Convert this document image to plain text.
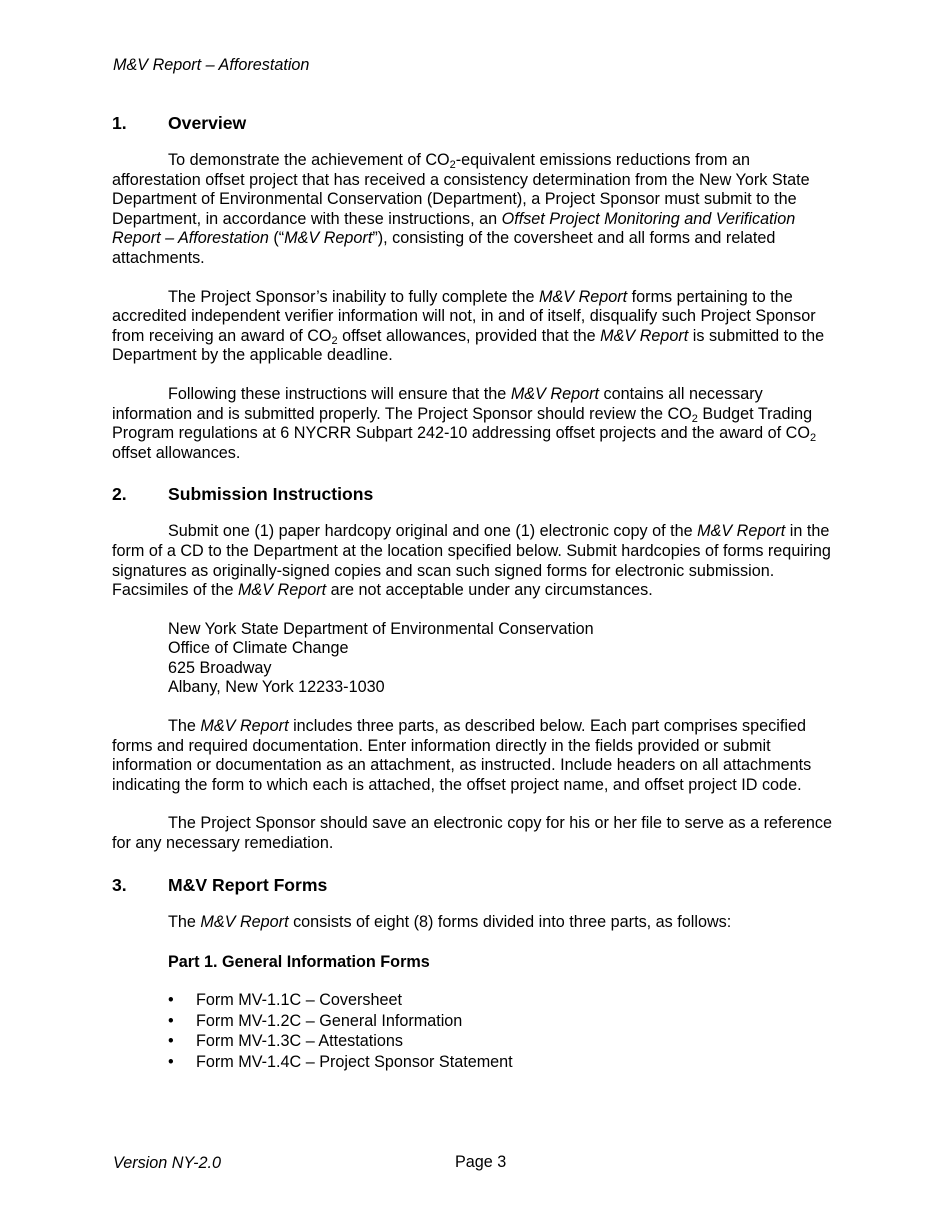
M&V Report – Afforestation
1. Overview

To demonstrate the achievement of $CO_2$-equivalent emissions reductions from an afforestation offset project that has received a consistency determination from the New York State Department of Environmental Conservation (Department), a Project Sponsor must submit to the Department, in accordance with these instructions, an Offset Project Monitoring and Verification Report – Afforestation (“M&V Report”), consisting of the coversheet and all forms and related attachments.

The Project Sponsor’s inability to fully complete the M&V Report forms pertaining to the accredited independent verifier information will not, in and of itself, disqualify such Project Sponsor from receiving an award of $CO_2$ offset allowances, provided that the M&V Report is submitted to the Department by the applicable deadline.

Following these instructions will ensure that the M&V Report contains all necessary information and is submitted properly. The Project Sponsor should review the $CO_2$ Budget Trading Program regulations at 6 NYCRR Subpart 242-10 addressing offset projects and the award of $CO_2$ offset allowances.

2. Submission Instructions

Submit one (1) paper hardcopy original and one (1) electronic copy of the M&V Report in the form of a CD to the Department at the location specified below. Submit hardcopies of forms requiring signatures as originally-signed copies and scan such signed forms for electronic submission. Facsimiles of the M&V Report are not acceptable under any circumstances.

New York State Department of Environmental Conservation
Office of Climate Change
625 Broadway
Albany, New York 12233-1030

The M&V Report includes three parts, as described below. Each part comprises specified forms and required documentation. Enter information directly in the fields provided or submit information or documentation as an attachment, as instructed. Include headers on all attachments indicating the form to which each is attached, the offset project name, and offset project ID code.

The Project Sponsor should save an electronic copy for his or her file to serve as a reference for any necessary remediation.

3. M&V Report Forms

The M&V Report consists of eight (8) forms divided into three parts, as follows:

Part 1. General Information Forms
• Form MV-1.1C – Coversheet
• Form MV-1.2C – General Information
• Form MV-1.3C – Attestations
• Form MV-1.4C – Project Sponsor Statement
Version NY-2.0	Page 3
